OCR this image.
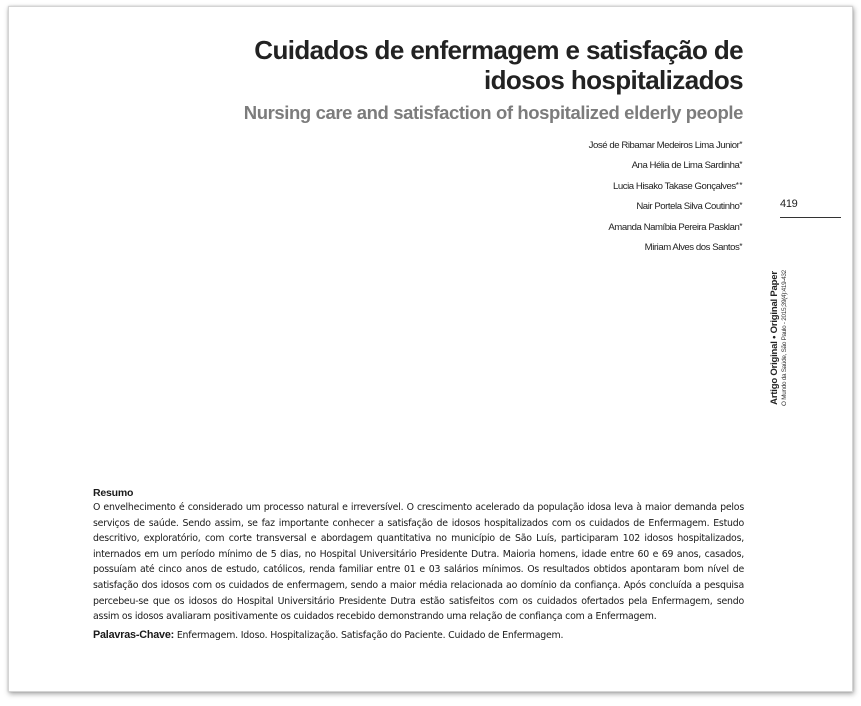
Cuidados de enfermagem e satisfação de idosos hospitalizados
Nursing care and satisfaction of hospitalized elderly people
José de Ribamar Medeiros Lima Junior*
Ana Hélia de Lima Sardinha*
Lucia Hisako Takase Gonçalves**
Nair Portela Silva Coutinho*
Amanda Namíbia Pereira Pasklan*
Miriam Alves dos Santos*
419
Artigo Original • Original Paper O Mundo da Saúde, São Paulo - 2015;39(4):419-432
Resumo

O envelhecimento é considerado um processo natural e irreversível. O crescimento acelerado da população idosa leva à maior demanda pelos serviços de saúde. Sendo assim, se faz importante conhecer a satisfação de idosos hospitalizados com os cuidados de Enfermagem. Estudo descritivo, exploratório, com corte transversal e abordagem quantitativa no município de São Luís, participaram 102 idosos hospitalizados, internados em um período mínimo de 5 dias, no Hospital Universitário Presidente Dutra. Maioria homens, idade entre 60 e 69 anos, casados, possuíam até cinco anos de estudo, católicos, renda familiar entre 01 e 03 salários mínimos. Os resultados obtidos apontaram bom nível de satisfação dos idosos com os cuidados de enfermagem, sendo a maior média relacionada ao domínio da confiança. Após concluída a pesquisa percebeu-se que os idosos do Hospital Universitário Presidente Dutra estão satisfeitos com os cuidados ofertados pela Enfermagem, sendo assim os idosos avaliaram positivamente os cuidados recebido demonstrando uma relação de confiança com a Enfermagem.

Palavras-Chave: Enfermagem. Idoso. Hospitalização. Satisfação do Paciente. Cuidado de Enfermagem.
